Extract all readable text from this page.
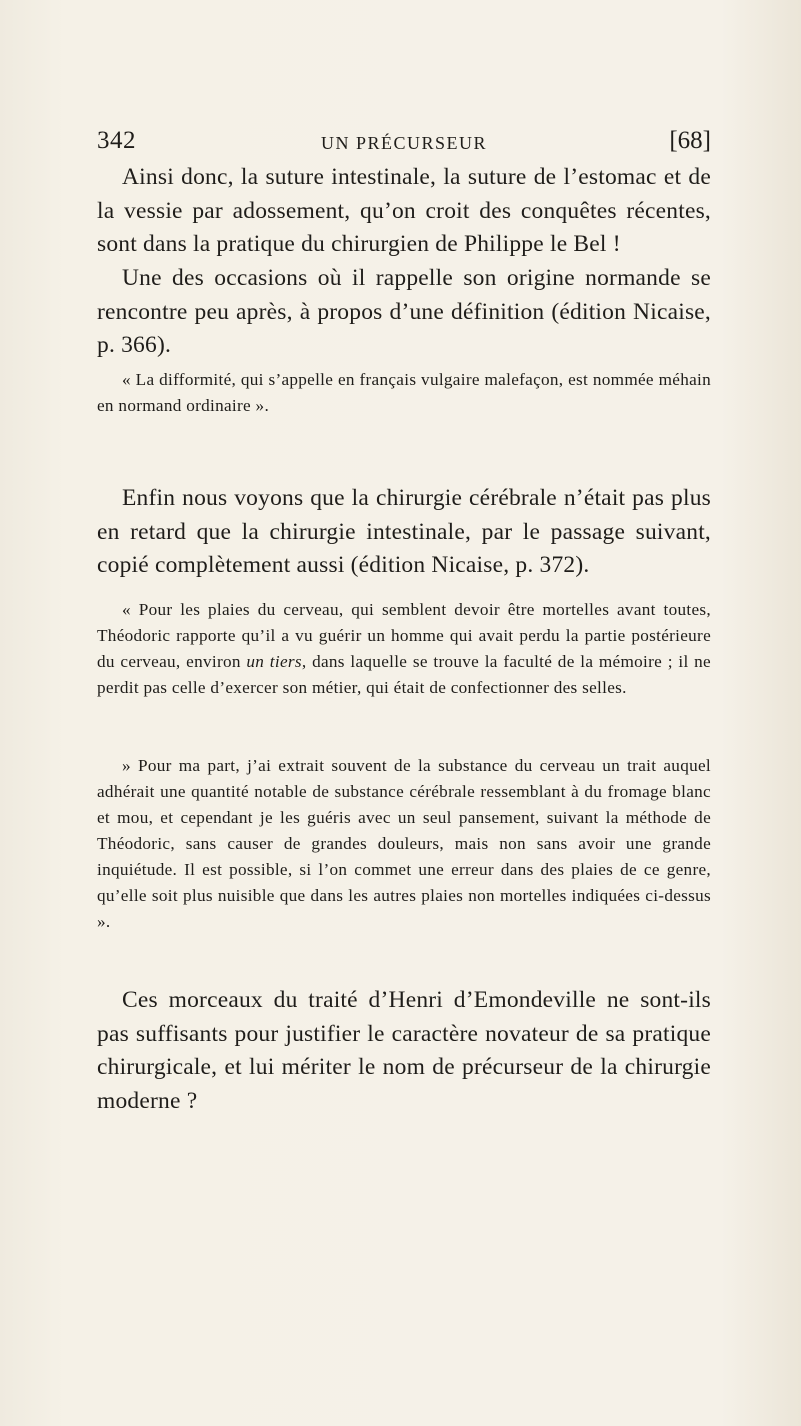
342	UN PRÉCURSEUR	[68]

Ainsi donc, la suture intestinale, la suture de l’estomac et de la vessie par adossement, qu’on croit des conquêtes récentes, sont dans la pratique du chirurgien de Philippe le Bel !

Une des occasions où il rappelle son origine normande se rencontre peu après, à propos d’une définition (édition Nicaise, p. 366).

« La difformité, qui s’appelle en français vulgaire malefaçon, est nommée méhain en normand ordinaire ».

Enfin nous voyons que la chirurgie cérébrale n’était pas plus en retard que la chirurgie intestinale, par le passage suivant, copié complètement aussi (édition Nicaise, p. 372).

« Pour les plaies du cerveau, qui semblent devoir être mortelles avant toutes, Théodoric rapporte qu’il a vu guérir un homme qui avait perdu la partie postérieure du cerveau, environ un tiers, dans laquelle se trouve la faculté de la mémoire ; il ne perdit pas celle d’exercer son métier, qui était de confectionner des selles.

» Pour ma part, j’ai extrait souvent de la substance du cerveau un trait auquel adhérait une quantité notable de substance cérébrale ressemblant à du fromage blanc et mou, et cependant je les guéris avec un seul pansement, suivant la méthode de Théodoric, sans causer de grandes douleurs, mais non sans avoir une grande inquiétude. Il est possible, si l’on commet une erreur dans des plaies de ce genre, qu’elle soit plus nuisible que dans les autres plaies non mortelles indiquées ci-dessus ».

Ces morceaux du traité d’Henri d’Emondeville ne sont-ils pas suffisants pour justifier le caractère novateur de sa pratique chirurgicale, et lui mériter le nom de précurseur de la chirurgie moderne ?
